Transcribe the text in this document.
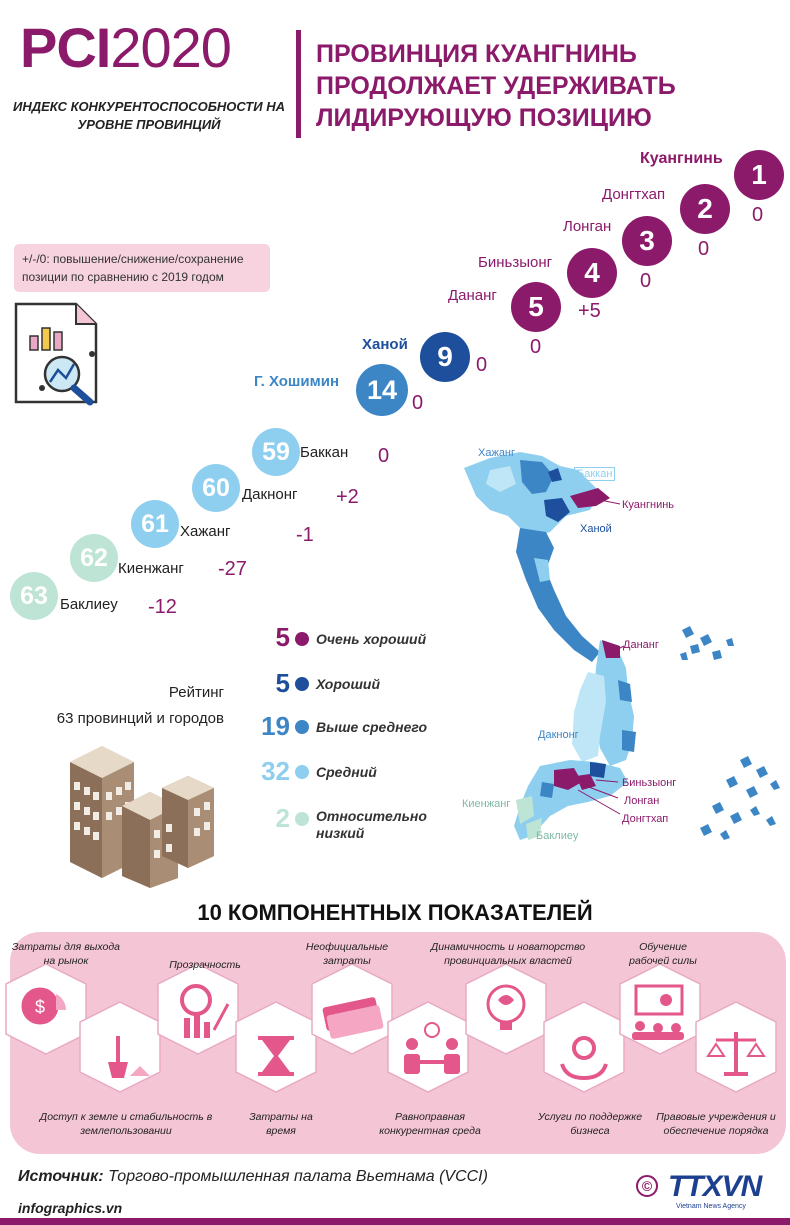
PCI2020
ИНДЕКС КОНКУРЕНТОСПОСОБНОСТИ НА УРОВНЕ ПРОВИНЦИЙ
ПРОВИНЦИЯ КУАНГНИНЬ ПРОДОЛЖАЕТ УДЕРЖИВАТЬ ЛИДИРУЮЩУЮ ПОЗИЦИЮ
+/-/0: повышение/снижение/сохранение позиции по сравнению с 2019 годом
1
Куангнинь
0
2
Донгтхап
0
3
Лонган
0
4
Биньзыонг
+5
5
Дананг
0
9
Ханой
0
14
Г. Хошимин
0
59 Баккан 0
60 Дакнонг +2
61 Хажанг	-1
62 Киенжанг -27
63 Баклиеу -12
5 Очень хороший
5 Хороший
19 Выше среднего
32 Средний
2 Относительно низкий
Рейтинг
63 провинций и городов
Хажанг
Баккан
Куангнинь
Ханой
Дананг
Дакнонг
Биньзыонг
Лонган
Донгтхап
Киенжанг
Баклиеу
10 КОМПОНЕНТНЫХ ПОКАЗАТЕЛЕЙ
$
Затраты для выхода на рынок
Доступ к земле и стабильность в землепользовании
Прозрачность
Затраты на время
Неофициальные затраты
Равноправная конкурентная среда
Динамичность и новаторство провинциальных властей
Услуги по поддержке бизнеса
Обучение рабочей силы
Правовые учреждения и обеспечение порядка
Источник: Торгово-промышленная палата Вьетнама (VCCI)
infographics.vn
© TTXVN
Vietnam News Agency
